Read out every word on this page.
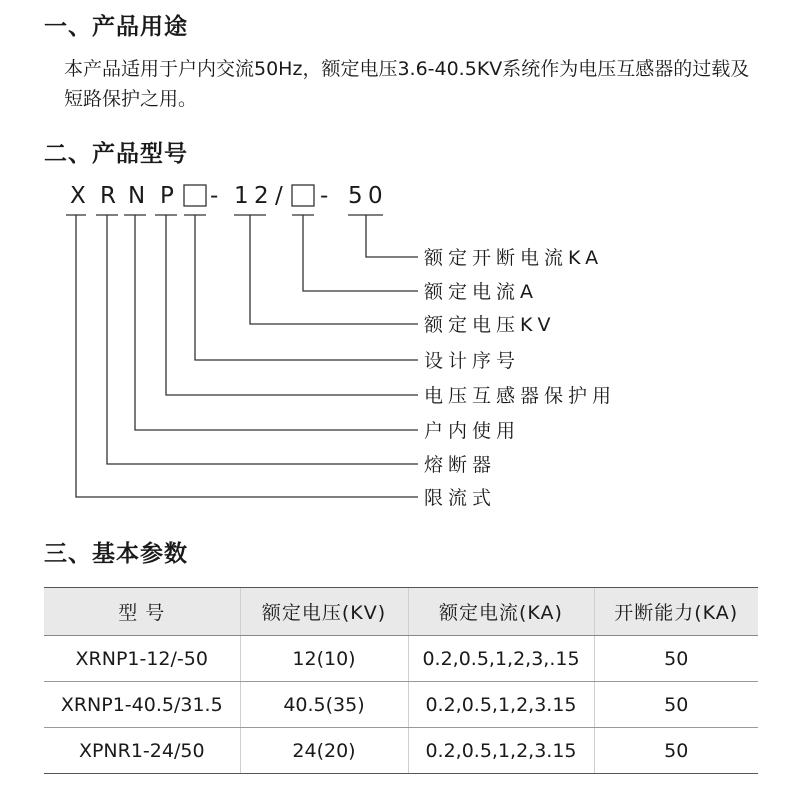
一、产品用途

本产品适用于户内交流50Hz，额定电压3.6-40.5KV系统作为电压互感器的过载及短路保护之用。

二、产品型号
X R N P - 1 2 / - 5 0
额定开断电流KA
额定电流A
额定电压KV
设计序号
电压互感器保护用
户内使用
熔断器
限流式
三、基本参数
型 号	额定电压(KV)	额定电流(KA)	开断能力(KA)
XRNP1-12/-50	12(10)	0.2,0.5,1,2,3,.15	50
XRNP1-40.5/31.5	40.5(35)	0.2,0.5,1,2,3.15	50
XPNR1-24/50	24(20)	0.2,0.5,1,2,3.15	50
